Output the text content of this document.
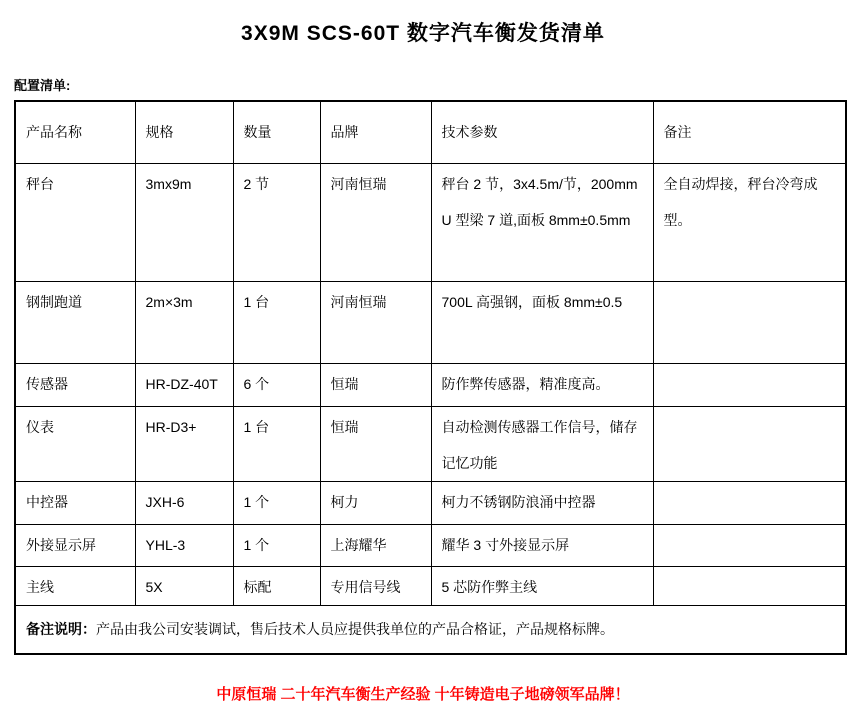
3X9M SCS-60T 数字汽车衡发货清单
配置清单:
产品名称	规格	数量	品牌	技术参数	备注
秤台	3mx9m	2 节	河南恒瑞	秤台 2 节，3x4.5m/节，200mmU 型梁 7 道,面板 8mm±0.5mm	全自动焊接，秤台冷弯成型。
钢制跑道	2m×3m	1 台	河南恒瑞	700L 高强钢，面板 8mm±0.5	
传感器	HR-DZ-40T	6 个	恒瑞	防作弊传感器，精准度高。	
仪表	HR-D3+	1 台	恒瑞	自动检测传感器工作信号，储存记忆功能	
中控器	JXH-6	1 个	柯力	柯力不锈钢防浪涌中控器	
外接显示屏	YHL-3	1 个	上海耀华	耀华 3 寸外接显示屏	
主线	5X	标配	专用信号线	5 芯防作弊主线	
备注说明：产品由我公司安装调试，售后技术人员应提供我单位的产品合格证，产品规格标牌。					
中原恒瑞 二十年汽车衡生产经验 十年铸造电子地磅领军品牌！
